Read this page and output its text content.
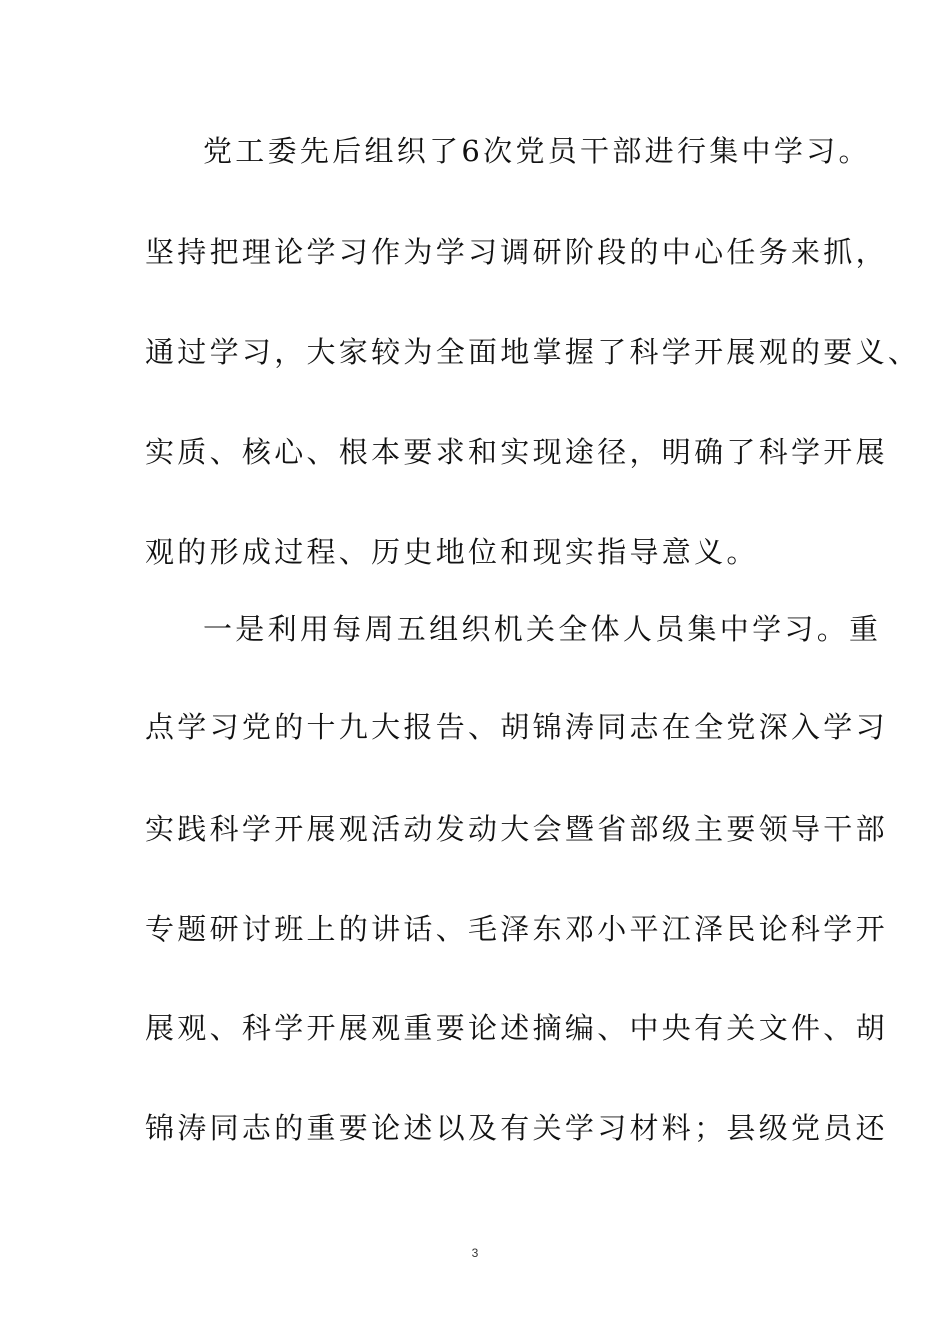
党工委先后组织了6次党员干部进行集中学习。
坚持把理论学习作为学习调研阶段的中心任务来抓，
通过学习，大家较为全面地掌握了科学开展观的要义、
实质、核心、根本要求和实现途径，明确了科学开展
观的形成过程、历史地位和现实指导意义。
一是利用每周五组织机关全体人员集中学习。重
点学习党的十九大报告、胡锦涛同志在全党深入学习
实践科学开展观活动发动大会暨省部级主要领导干部
专题研讨班上的讲话、毛泽东邓小平江泽民论科学开
展观、科学开展观重要论述摘编、中央有关文件、胡
锦涛同志的重要论述以及有关学习材料；县级党员还
3
